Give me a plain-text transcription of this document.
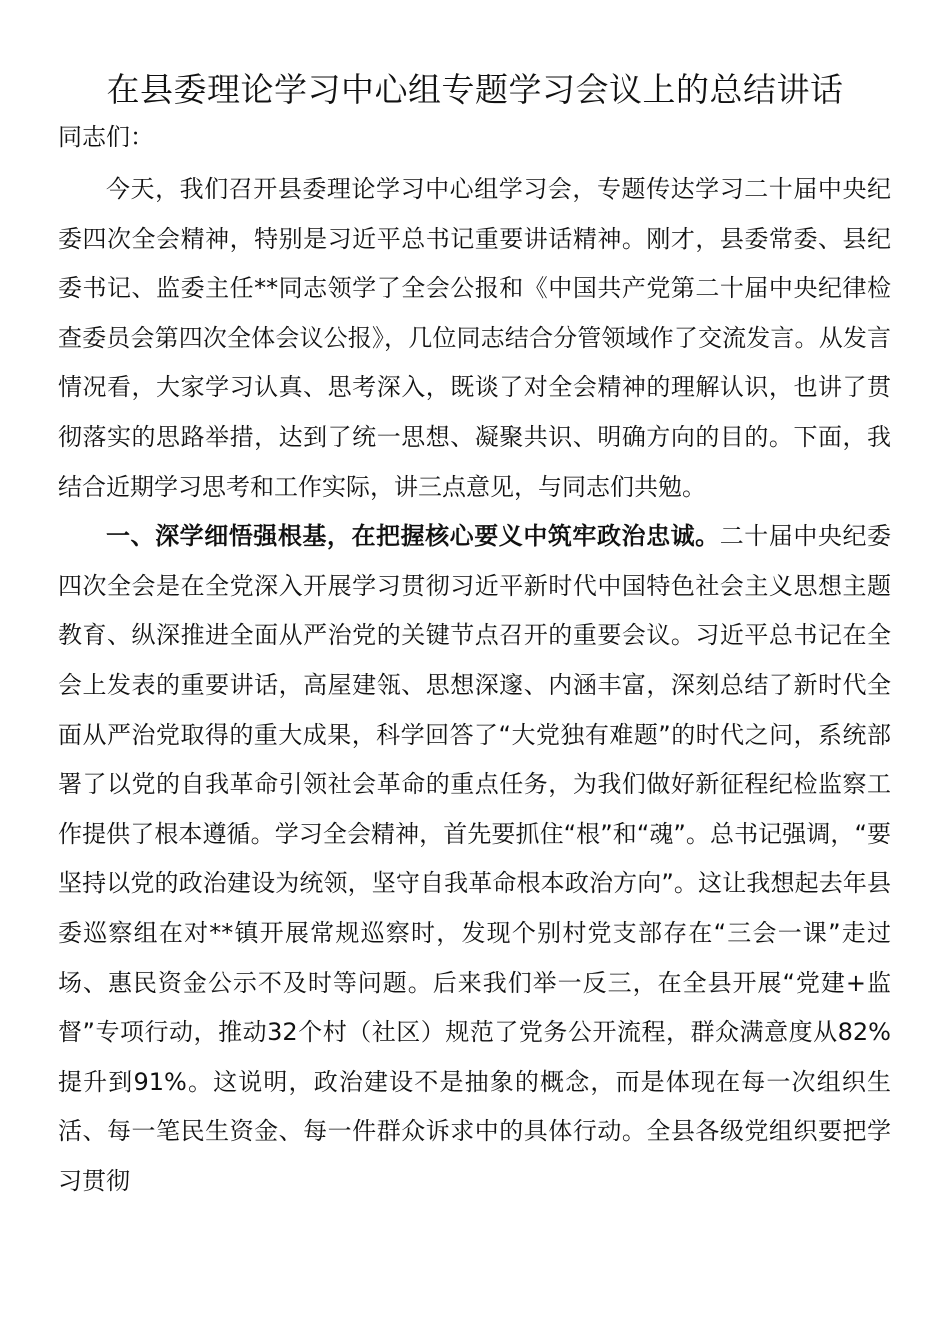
在县委理论学习中心组专题学习会议上的总结讲话

同志们：

今天，我们召开县委理论学习中心组学习会，专题传达学习二十届中央纪委四次全会精神，特别是习近平总书记重要讲话精神。刚才，县委常委、县纪委书记、监委主任**同志领学了全会公报和《中国共产党第二十届中央纪律检查委员会第四次全体会议公报》，几位同志结合分管领域作了交流发言。从发言情况看，大家学习认真、思考深入，既谈了对全会精神的理解认识，也讲了贯彻落实的思路举措，达到了统一思想、凝聚共识、明确方向的目的。下面，我结合近期学习思考和工作实际，讲三点意见，与同志们共勉。

一、深学细悟强根基，在把握核心要义中筑牢政治忠诚。二十届中央纪委四次全会是在全党深入开展学习贯彻习近平新时代中国特色社会主义思想主题教育、纵深推进全面从严治党的关键节点召开的重要会议。习近平总书记在全会上发表的重要讲话，高屋建瓴、思想深邃、内涵丰富，深刻总结了新时代全面从严治党取得的重大成果，科学回答了“大党独有难题”的时代之问，系统部署了以党的自我革命引领社会革命的重点任务，为我们做好新征程纪检监察工作提供了根本遵循。学习全会精神，首先要抓住“根”和“魂”。总书记强调，“要坚持以党的政治建设为统领，坚守自我革命根本政治方向”。这让我想起去年县委巡察组在对**镇开展常规巡察时，发现个别村党支部存在“三会一课”走过场、惠民资金公示不及时等问题。后来我们举一反三，在全县开展“党建+监督”专项行动，推动32个村（社区）规范了党务公开流程，群众满意度从82%提升到91%。这说明，政治建设不是抽象的概念，而是体现在每一次组织生活、每一笔民生资金、每一件群众诉求中的具体行动。全县各级党组织要把学习贯彻
